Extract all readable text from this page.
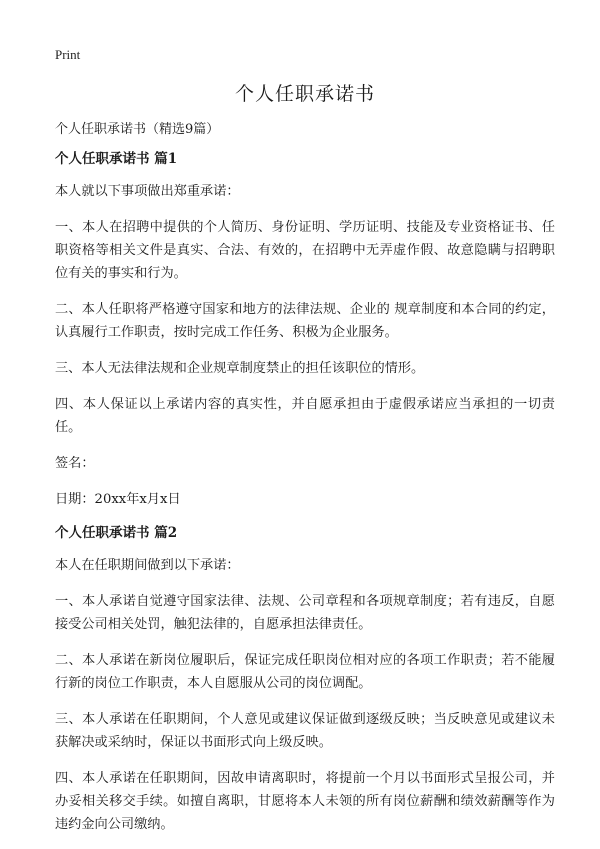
Print
个人任职承诺书
个人任职承诺书（精选9篇）
个人任职承诺书 篇1

本人就以下事项做出郑重承诺：

一、本人在招聘中提供的个人简历、身份证明、学历证明、技能及专业资格证书、任职资格等相关文件是真实、合法、有效的，在招聘中无弄虚作假、故意隐瞒与招聘职位有关的事实和行为。

二、本人任职将严格遵守国家和地方的法律法规、企业的 规章制度和本合同的约定，认真履行工作职责，按时完成工作任务、积极为企业服务。

三、本人无法律法规和企业规章制度禁止的担任该职位的情形。

四、本人保证以上承诺内容的真实性，并自愿承担由于虚假承诺应当承担的一切责任。

签名：

日期：20xx年x月x日

个人任职承诺书 篇2

本人在任职期间做到以下承诺：

一、本人承诺自觉遵守国家法律、法规、公司章程和各项规章制度；若有违反，自愿接受公司相关处罚，触犯法律的，自愿承担法律责任。

二、本人承诺在新岗位履职后，保证完成任职岗位相对应的各项工作职责；若不能履行新的岗位工作职责，本人自愿服从公司的岗位调配。

三、本人承诺在任职期间，个人意见或建议保证做到逐级反映；当反映意见或建议未获解决或采纳时，保证以书面形式向上级反映。

四、本人承诺在任职期间，因故申请离职时，将提前一个月以书面形式呈报公司，并办妥相关移交手续。如擅自离职，甘愿将本人未领的所有岗位薪酬和绩效薪酬等作为违约金向公司缴纳。
